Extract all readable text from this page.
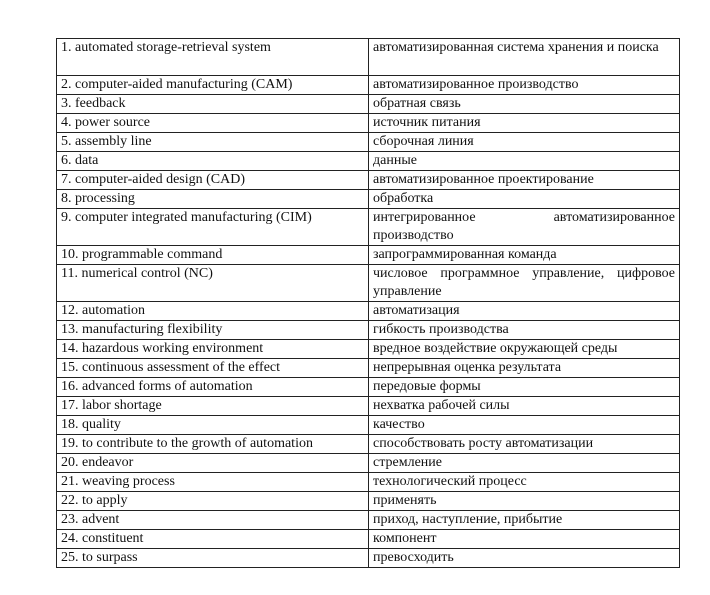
1. automated storage-retrieval system	автоматизированная система хранения и поиска
2. computer-aided manufacturing (CAM)	автоматизированное производство
3. feedback	обратная связь
4. power source	источник питания
5. assembly line	сборочная линия
6. data	данные
7. computer-aided design (CAD)	автоматизированное проектирование
8. processing	обработка
9. computer integrated manufacturing (CIM)	интегрированное автоматизированное производство
10. programmable command	запрограммированная команда
11. numerical control (NC)	числовое программное управление, цифровое управление
12. automation	автоматизация
13. manufacturing flexibility	гибкость производства
14. hazardous working environment	вредное воздействие окружающей среды
15. continuous assessment of the effect	непрерывная оценка результата
16. advanced forms of automation	передовые формы
17. labor shortage	нехватка рабочей силы
18. quality	качество
19. to contribute to the growth of automation	способствовать росту автоматизации
20. endeavor	стремление
21. weaving process	технологический процесс
22. to apply	применять
23. advent	приход, наступление, прибытие
24. constituent	компонент
25. to surpass	превосходить
